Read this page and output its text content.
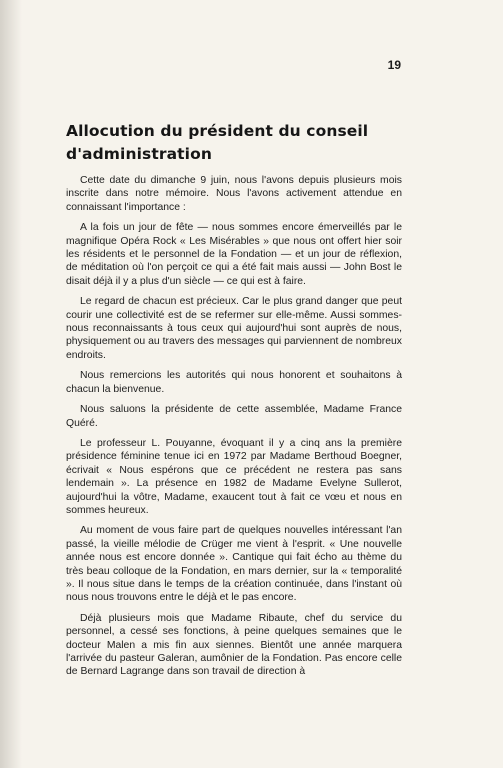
19
Allocution du président du conseil d'administration

Cette date du dimanche 9 juin, nous l'avons depuis plusieurs mois inscrite dans notre mémoire. Nous l'avons activement attendue en connaissant l'importance :

A la fois un jour de fête — nous sommes encore émerveillés par le magnifique Opéra Rock « Les Misérables » que nous ont offert hier soir les résidents et le personnel de la Fondation — et un jour de réflexion, de méditation où l'on perçoit ce qui a été fait mais aussi — John Bost le disait déjà il y a plus d'un siècle — ce qui est à faire.

Le regard de chacun est précieux. Car le plus grand danger que peut courir une collectivité est de se refermer sur elle-même. Aussi sommes-nous reconnaissants à tous ceux qui aujourd'hui sont auprès de nous, physiquement ou au travers des messages qui parviennent de nombreux endroits.

Nous remercions les autorités qui nous honorent et souhaitons à chacun la bienvenue.

Nous saluons la présidente de cette assemblée, Madame France Quéré.

Le professeur L. Pouyanne, évoquant il y a cinq ans la première présidence féminine tenue ici en 1972 par Madame Berthoud Boegner, écrivait « Nous espérons que ce précédent ne restera pas sans lendemain ». La présence en 1982 de Madame Evelyne Sullerot, aujourd'hui la vôtre, Madame, exaucent tout à fait ce vœu et nous en sommes heureux.

Au moment de vous faire part de quelques nouvelles intéressant l'an passé, la vieille mélodie de Crüger me vient à l'esprit. « Une nouvelle année nous est encore donnée ». Cantique qui fait écho au thème du très beau colloque de la Fondation, en mars dernier, sur la « temporalité ». Il nous situe dans le temps de la création continuée, dans l'instant où nous nous trouvons entre le déjà et le pas encore.

Déjà plusieurs mois que Madame Ribaute, chef du service du personnel, a cessé ses fonctions, à peine quelques semaines que le docteur Malen a mis fin aux siennes. Bientôt une année marquera l'arrivée du pasteur Galeran, aumônier de la Fondation. Pas encore celle de Bernard Lagrange dans son travail de direction à
